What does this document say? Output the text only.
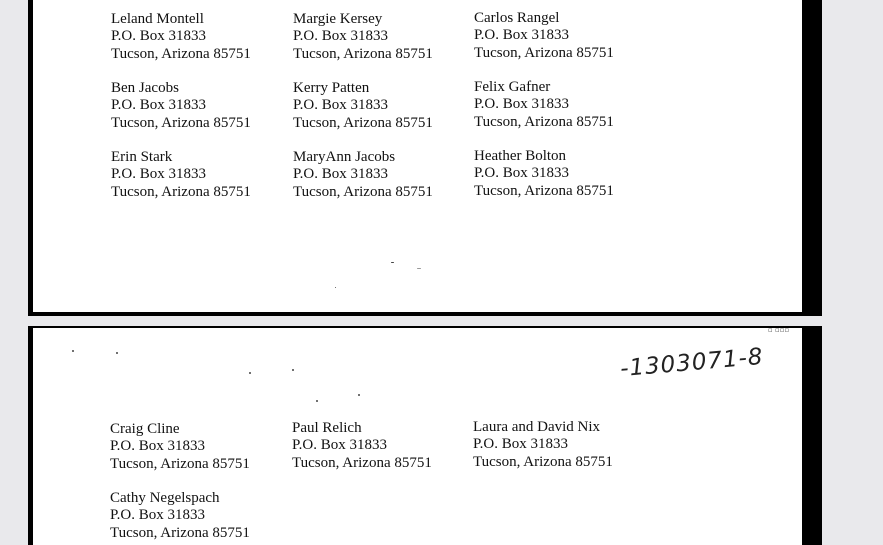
Leland Montell
P.O. Box 31833
Tucson, Arizona 85751
Margie Kersey
P.O. Box 31833
Tucson, Arizona 85751
Carlos Rangel
P.O. Box 31833
Tucson, Arizona 85751
Ben Jacobs
P.O. Box 31833
Tucson, Arizona 85751
Kerry Patten
P.O. Box 31833
Tucson, Arizona 85751
Felix Gafner
P.O. Box 31833
Tucson, Arizona 85751
Erin Stark
P.O. Box 31833
Tucson, Arizona 85751
MaryAnn Jacobs
P.O. Box 31833
Tucson, Arizona 85751
Heather Bolton
P.O. Box 31833
Tucson, Arizona 85751
▫ ▫▫▫
-1303071-8
Craig Cline
P.O. Box 31833
Tucson, Arizona 85751
Paul Relich
P.O. Box 31833
Tucson, Arizona 85751
Laura and David Nix
P.O. Box 31833
Tucson, Arizona 85751
Cathy Negelspach
P.O. Box 31833
Tucson, Arizona 85751
